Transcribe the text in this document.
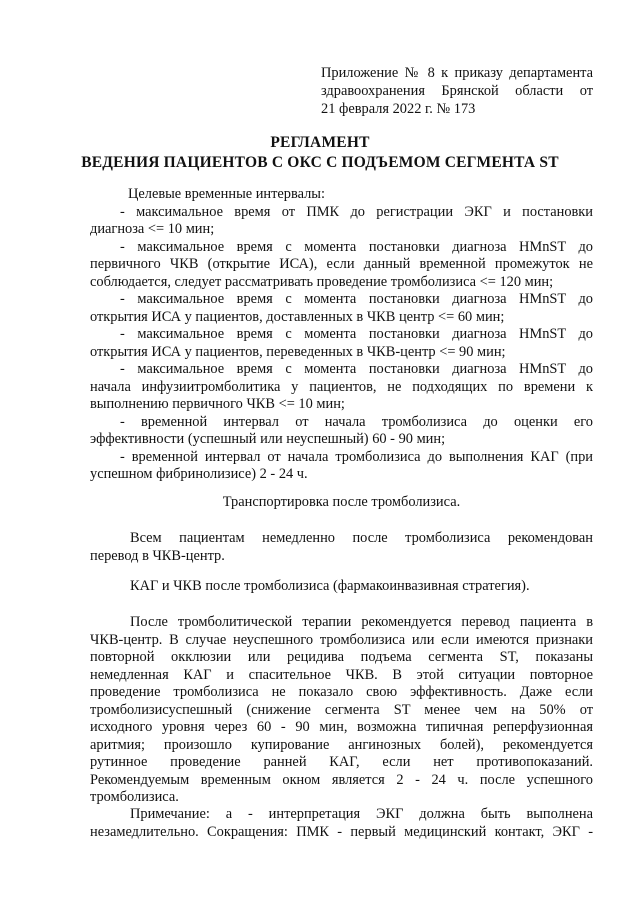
Приложение № 8 к приказу департамента
здравоохранения Брянской области от
21 февраля 2022 г. № 173
РЕГЛАМЕНТ
ВЕДЕНИЯ ПАЦИЕНТОВ С ОКС С ПОДЪЕМОМ СЕГМЕНТА ST

Целевые временные интервалы:

- максимальное время от ПМК до регистрации ЭКГ и постановки

диагноза <= 10 мин;

- максимальное время с момента постановки диагноза HMnST до

первичного ЧКВ (открытие ИСА), если данный временной промежуток не

соблюдается, следует рассматривать проведение тромболизиса <= 120 мин;

- максимальное время с момента постановки диагноза HMnST до

открытия ИСА у пациентов, доставленных в ЧКВ центр <= 60 мин;

- максимальное время с момента постановки диагноза HMnST до

открытия ИСА у пациентов, переведенных в ЧКВ-центр <= 90 мин;

- максимальное время с момента постановки диагноза HMnST до

начала инфузиитромболитика у пациентов, не подходящих по времени к

выполнению первичного ЧКВ <= 10 мин;

- временной интервал от начала тромболизиса до оценки его

эффективности (успешный или неуспешный) 60 - 90 мин;

- временной интервал от начала тромболизиса до выполнения КАГ (при

успешном фибринолизисе) 2 - 24 ч.

Транспортировка после тромболизиса.

Всем пациентам немедленно после тромболизиса рекомендован

перевод в ЧКВ-центр.

КАГ и ЧКВ после тромболизиса (фармакоинвазивная стратегия).

После тромболитической терапии рекомендуется перевод пациента в

ЧКВ-центр. В случае неуспешного тромболизиса или если имеются признаки

повторной окклюзии или рецидива подъема сегмента ST, показаны

немедленная КАГ и спасительное ЧКВ. В этой ситуации повторное

проведение тромболизиса не показало свою эффективность. Даже если

тромболизисуспешный (снижение сегмента ST менее чем на 50% от

исходного уровня через 60 - 90 мин, возможна типичная реперфузионная

аритмия; произошло купирование ангинозных болей), рекомендуется

рутинное проведение ранней КАГ, если нет противопоказаний.

Рекомендуемым временным окном является 2 - 24 ч. после успешного

тромболизиса.

Примечание: а - интерпретация ЭКГ должна быть выполнена

незамедлительно. Сокращения: ПМК - первый медицинский контакт, ЭКГ -
